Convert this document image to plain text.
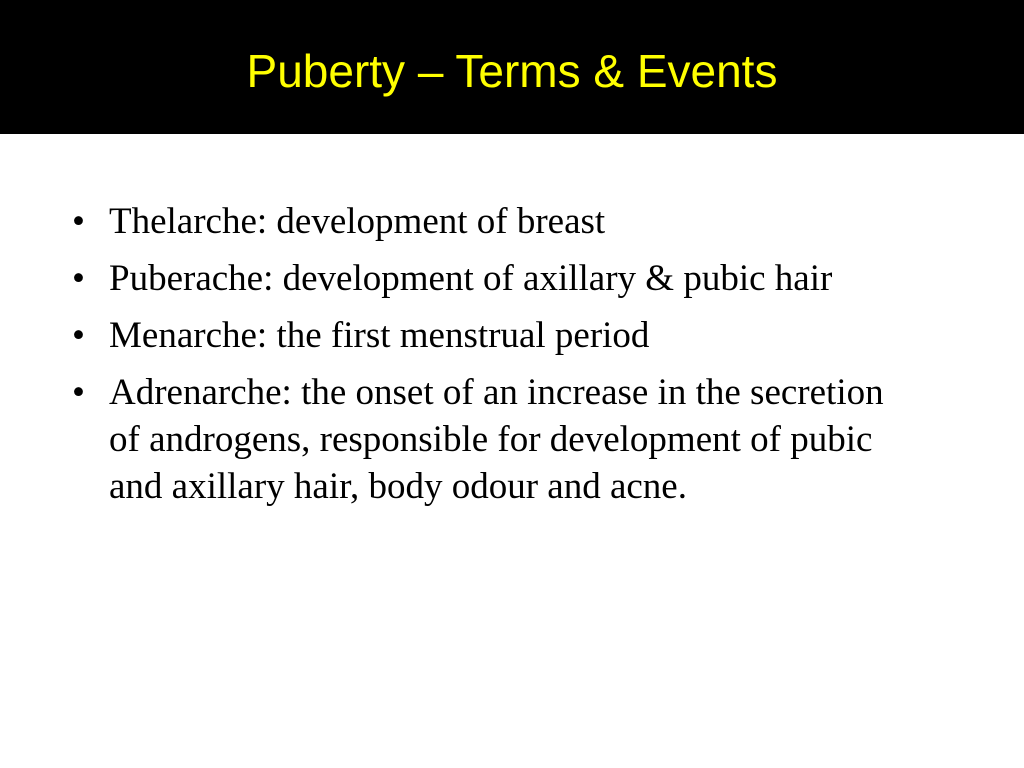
Puberty – Terms & Events
• Thelarche: development of breast
• Puberache: development of axillary & pubic hair
• Menarche: the first menstrual period
• Adrenarche: the onset of an increase in the secretion of androgens, responsible for development of pubic and axillary hair, body odour and acne.
